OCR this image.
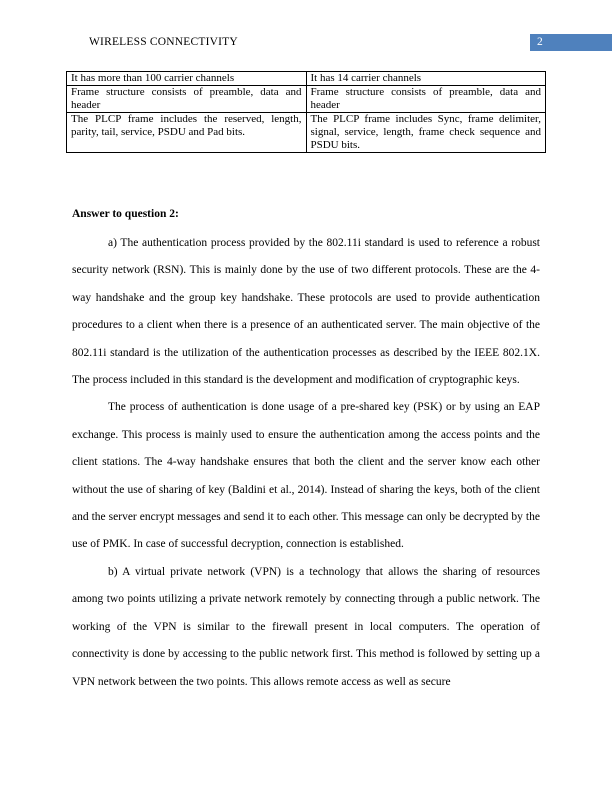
WIRELESS CONNECTIVITY	2
It has more than 100 carrier channels	It has 14 carrier channels
Frame structure consists of preamble, data and header	Frame structure consists of preamble, data and header
The PLCP frame includes the reserved, length, parity, tail, service, PSDU and Pad bits.	The PLCP frame includes Sync, frame delimiter, signal, service, length, frame check sequence and PSDU bits.
Answer to question 2:

a) The authentication process provided by the 802.11i standard is used to reference a robust security network (RSN). This is mainly done by the use of two different protocols. These are the 4-way handshake and the group key handshake. These protocols are used to provide authentication procedures to a client when there is a presence of an authenticated server. The main objective of the 802.11i standard is the utilization of the authentication processes as described by the IEEE 802.1X. The process included in this standard is the development and modification of cryptographic keys.

The process of authentication is done usage of a pre-shared key (PSK) or by using an EAP exchange. This process is mainly used to ensure the authentication among the access points and the client stations. The 4-way handshake ensures that both the client and the server know each other without the use of sharing of key (Baldini et al., 2014). Instead of sharing the keys, both of the client and the server encrypt messages and send it to each other. This message can only be decrypted by the use of PMK. In case of successful decryption, connection is established.

b) A virtual private network (VPN) is a technology that allows the sharing of resources among two points utilizing a private network remotely by connecting through a public network. The working of the VPN is similar to the firewall present in local computers. The operation of connectivity is done by accessing to the public network first. This method is followed by setting up a VPN network between the two points. This allows remote access as well as secure
